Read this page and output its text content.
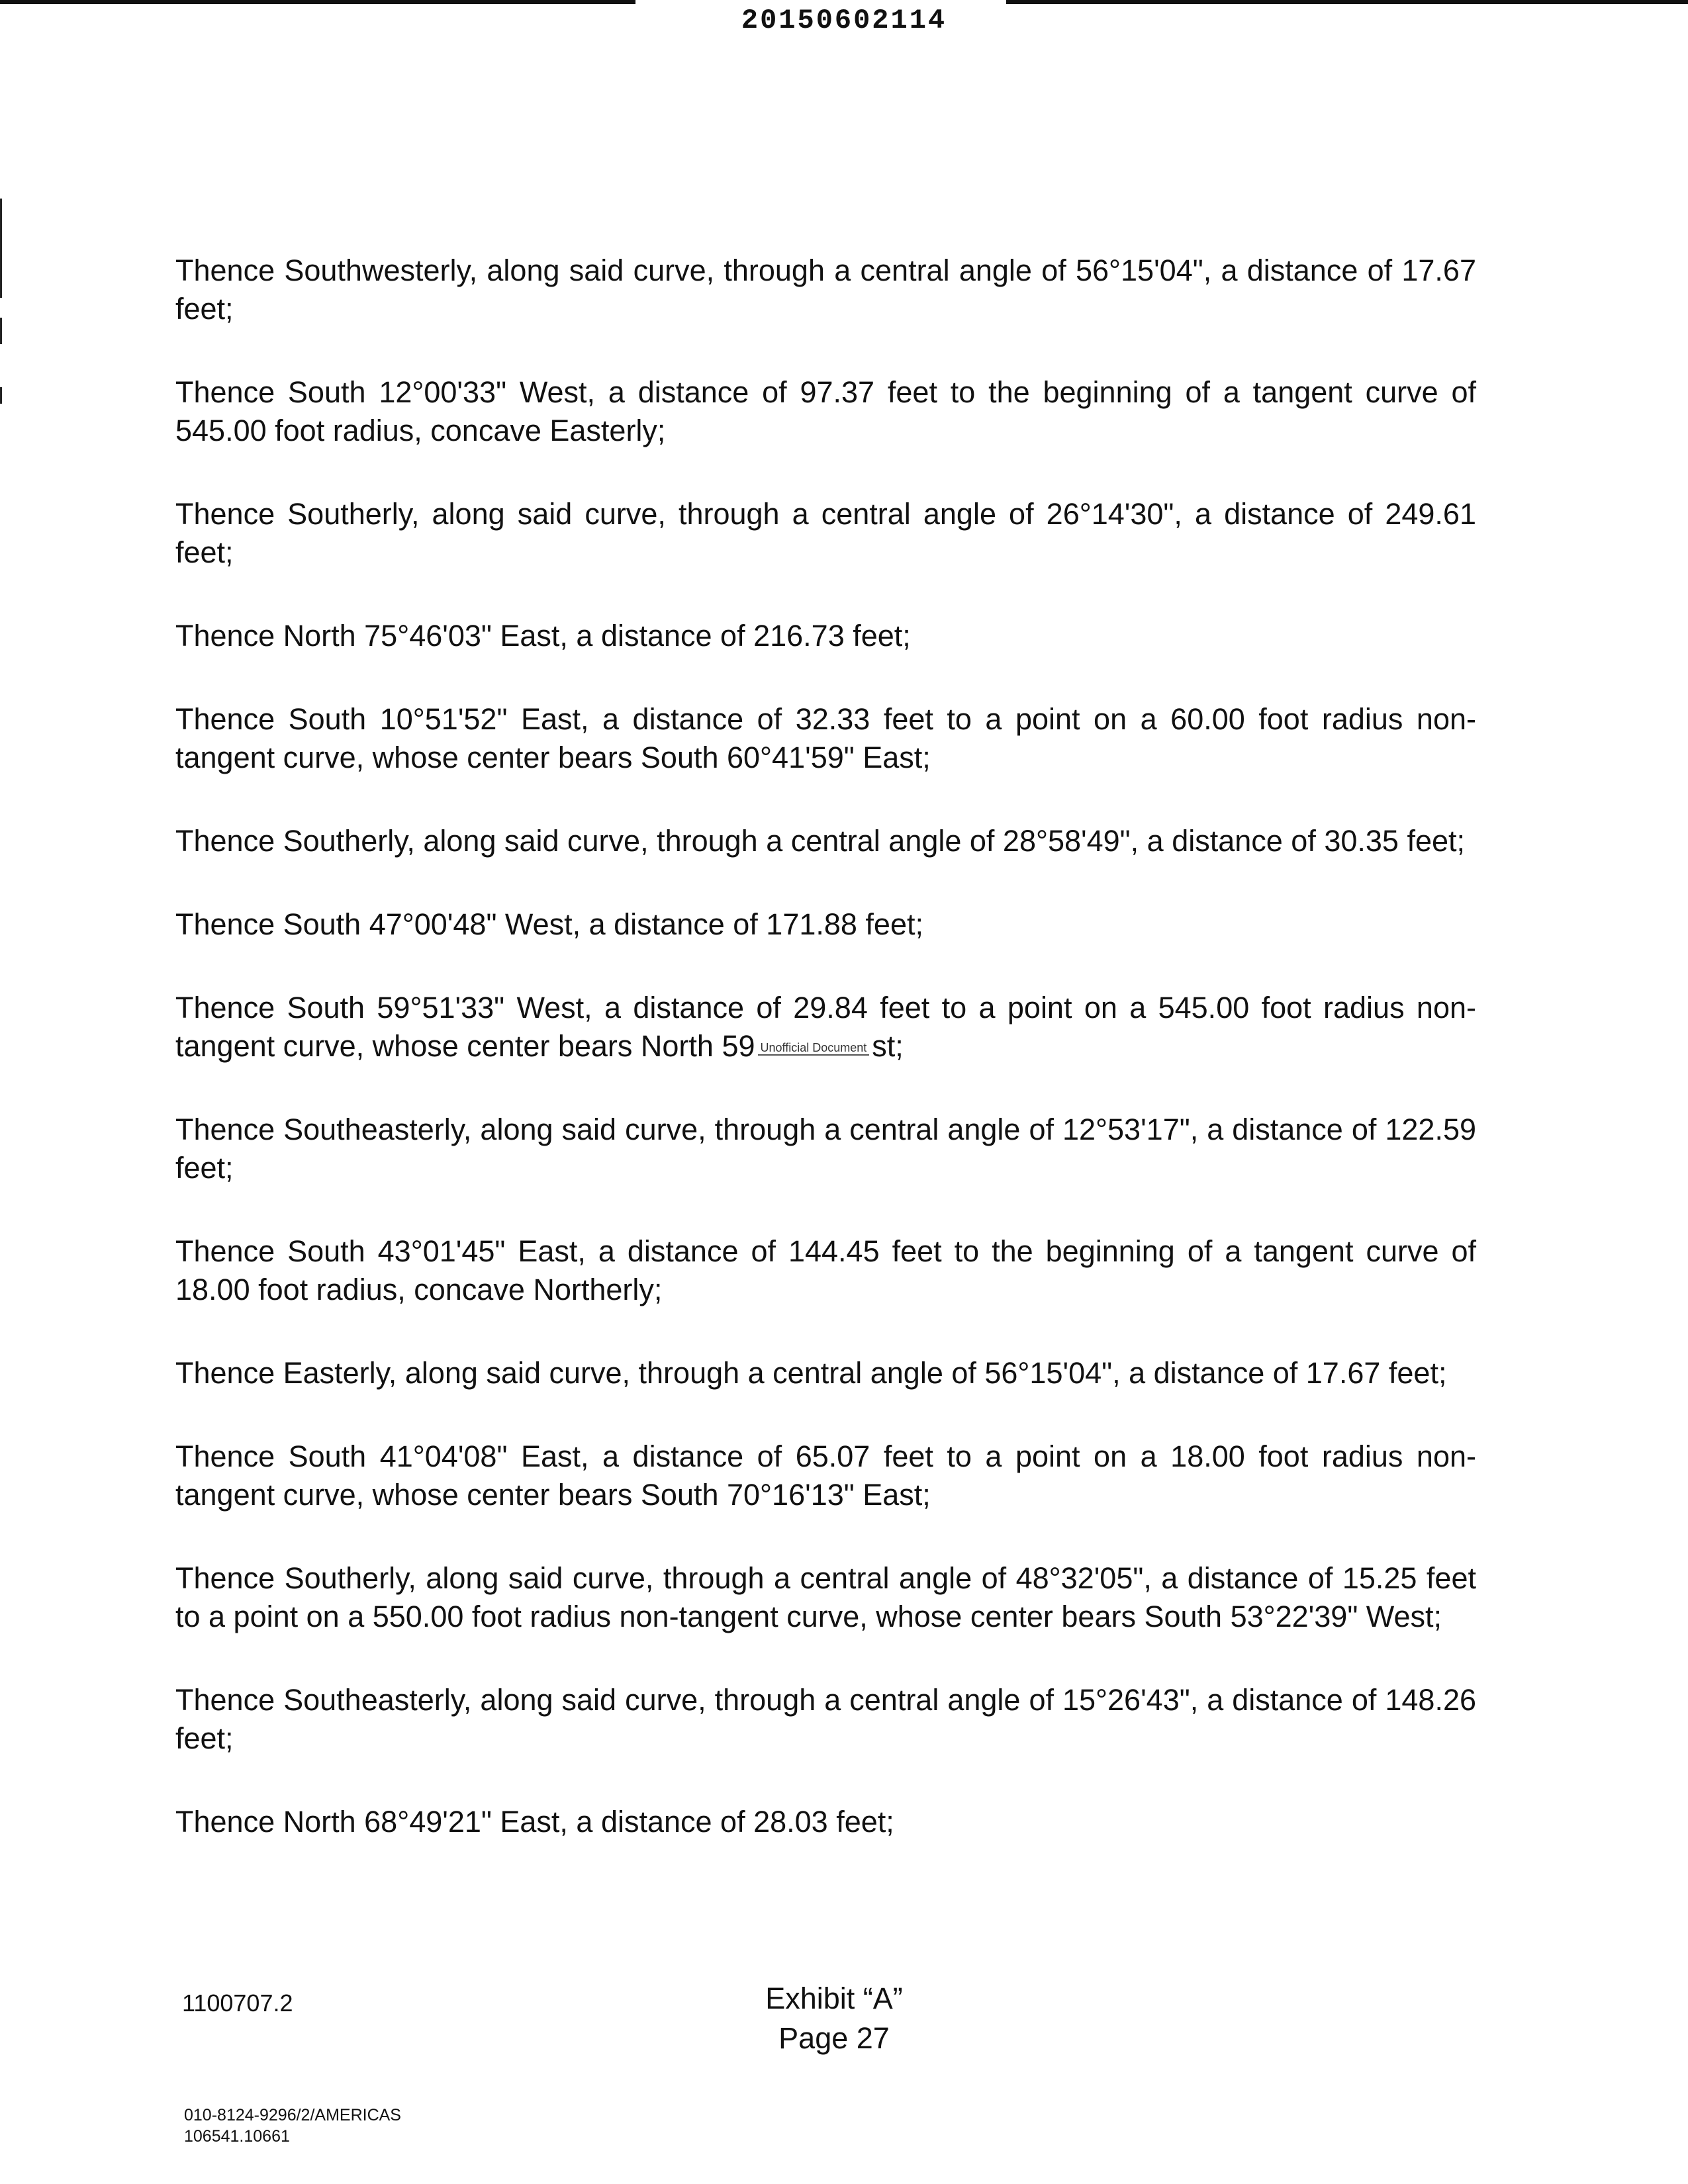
20150602114

Thence Southwesterly, along said curve, through a central angle of 56°15'04", a distance of 17.67 feet;

Thence South 12°00'33" West, a distance of 97.37 feet to the beginning of a tangent curve of 545.00 foot radius, concave Easterly;

Thence Southerly, along said curve, through a central angle of 26°14'30", a distance of 249.61 feet;

Thence North 75°46'03" East, a distance of 216.73 feet;

Thence South 10°51'52" East, a distance of 32.33 feet to a point on a 60.00 foot radius non-tangent curve, whose center bears South 60°41'59" East;

Thence Southerly, along said curve, through a central angle of 28°58'49", a distance of 30.35 feet;

Thence South 47°00'48" West, a distance of 171.88 feet;

Thence South 59°51'33" West, a distance of 29.84 feet to a point on a 545.00 foot radius non-tangent curve, whose center bears North 59 Unofficial Document st;

Thence Southeasterly, along said curve, through a central angle of 12°53'17", a distance of 122.59 feet;

Thence South 43°01'45" East, a distance of 144.45 feet to the beginning of a tangent curve of 18.00 foot radius, concave Northerly;

Thence Easterly, along said curve, through a central angle of 56°15'04", a distance of 17.67 feet;

Thence South 41°04'08" East, a distance of 65.07 feet to a point on a 18.00 foot radius non-tangent curve, whose center bears South 70°16'13" East;

Thence Southerly, along said curve, through a central angle of 48°32'05", a distance of 15.25 feet to a point on a 550.00 foot radius non-tangent curve, whose center bears South 53°22'39" West;

Thence Southeasterly, along said curve, through a central angle of 15°26'43", a distance of 148.26 feet;

Thence North 68°49'21" East, a distance of 28.03 feet;

1100707.2	Exhibit “A”
Page 27
010-8124-9296/2/AMERICAS
106541.10661
